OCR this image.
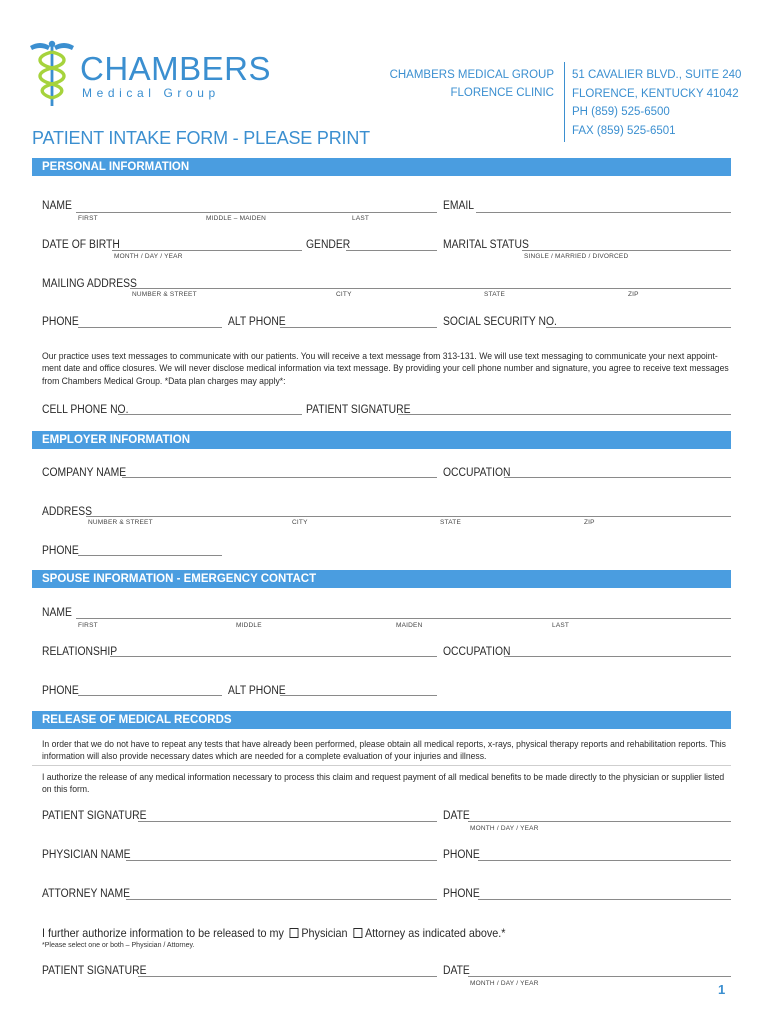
CHAMBERS
Medical Group
CHAMBERS MEDICAL GROUP
FLORENCE CLINIC
51 CAVALIER BLVD., SUITE 240
FLORENCE, KENTUCKY 41042
PH (859) 525-6500
FAX (859) 525-6501
PATIENT INTAKE FORM - PLEASE PRINT
PERSONAL INFORMATION
NAME
FIRST	MIDDLE – MAIDEN	LAST
EMAIL
DATE OF BIRTH
MONTH / DAY / YEAR
GENDER	MARITAL STATUS
SINGLE / MARRIED / DIVORCED
MAILING ADDRESS
NUMBER & STREET	CITY	STATE	ZIP
PHONE	ALT PHONE	SOCIAL SECURITY NO.
Our practice uses text messages to communicate with our patients. You will receive a text message from 313-131. We will use text messaging to communicate your next appoint-ment date and office closures. We will never disclose medical information via text message. By providing your cell phone number and signature, you agree to receive text messages from Chambers Medical Group. *Data plan charges may apply*:
CELL PHONE NO.	PATIENT SIGNATURE
EMPLOYER INFORMATION
COMPANY NAME	OCCUPATION
ADDRESS
NUMBER & STREET	CITY	STATE	ZIP
PHONE
SPOUSE INFORMATION - EMERGENCY CONTACT
NAME
FIRST	MIDDLE	MAIDEN	LAST
RELATIONSHIP	OCCUPATION
PHONE	ALT PHONE
RELEASE OF MEDICAL RECORDS
In order that we do not have to repeat any tests that have already been performed, please obtain all medical reports, x-rays, physical therapy reports and rehabilitation reports. This information will also provide necessary dates which are needed for a complete evaluation of your injuries and illness.
I authorize the release of any medical information necessary to process this claim and request payment of all medical benefits to be made directly to the physician or supplier listed on this form.
PATIENT SIGNATURE	DATE
MONTH / DAY / YEAR
PHYSICIAN NAME	PHONE
ATTORNEY NAME	PHONE
I further authorize information to be released to my Physician Attorney as indicated above.*
*Please select one or both – Physician / Attorney.
PATIENT SIGNATURE	DATE
MONTH / DAY / YEAR	1
